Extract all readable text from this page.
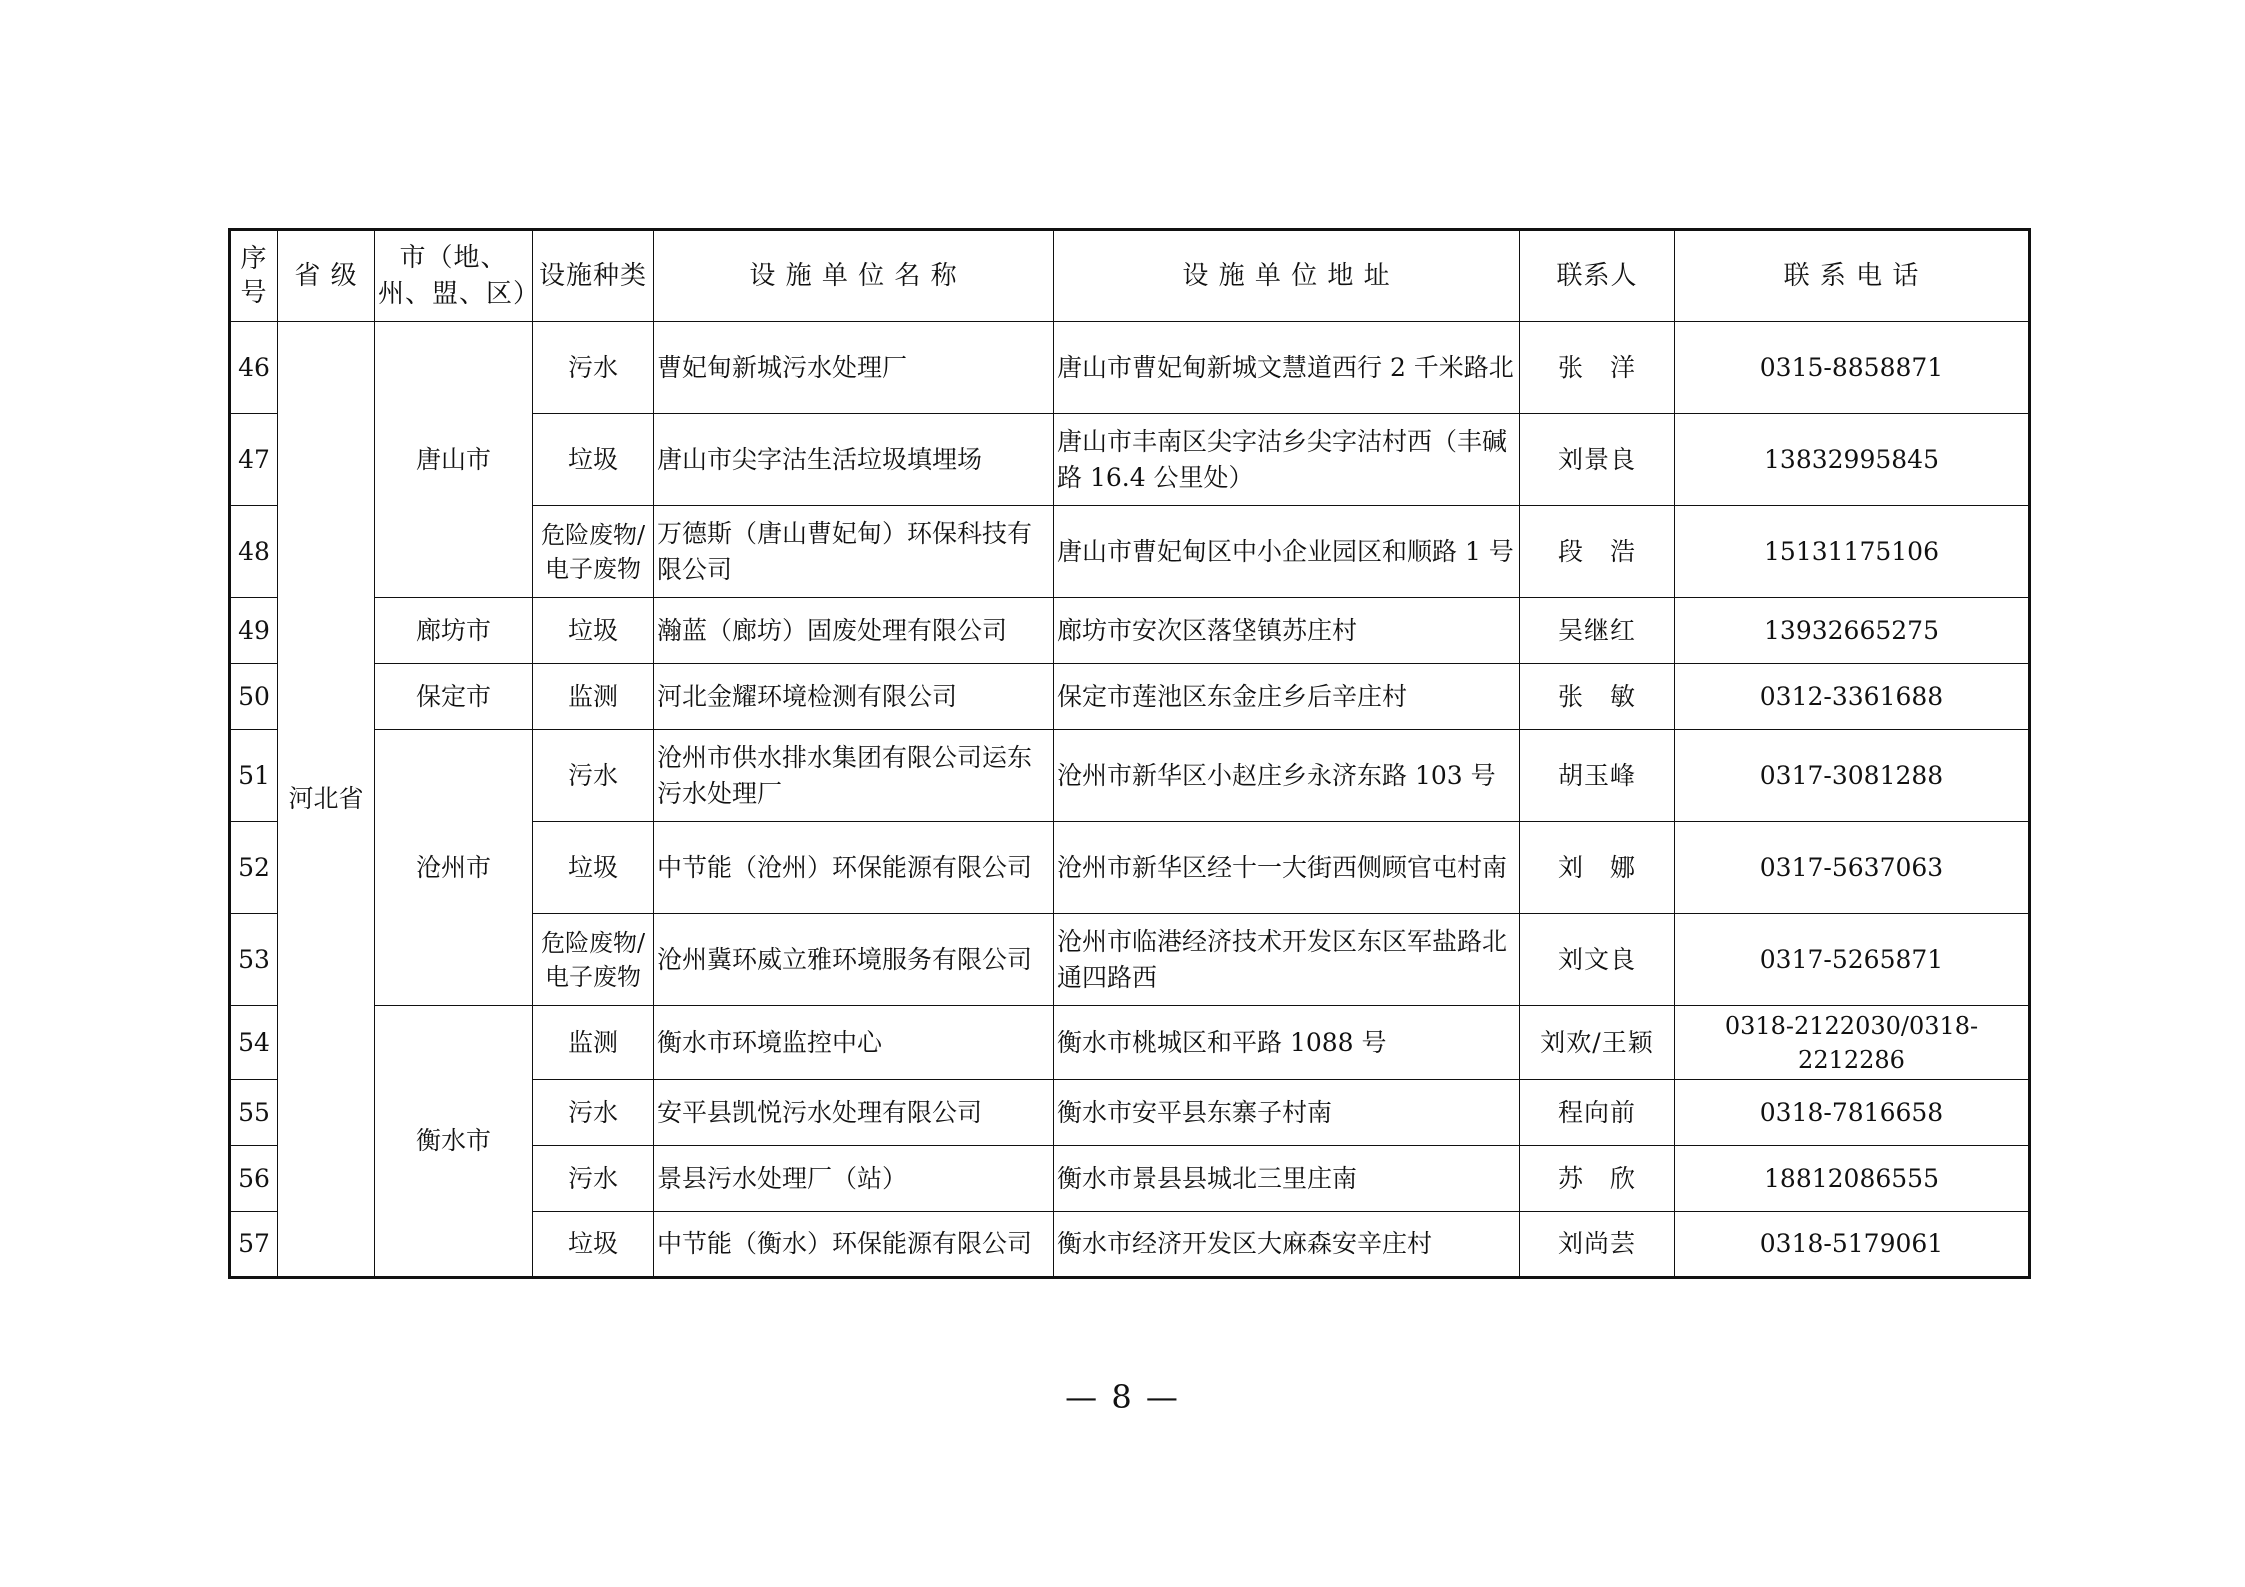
序号	省 级	市（地、州、盟、区）	设施种类	设 施 单 位 名 称	设 施 单 位 地 址	联系人	联 系 电 话
46	河北省	唐山市	污水	曹妃甸新城污水处理厂	唐山市曹妃甸新城文慧道西行 2 千米路北	张　洋	0315-8858871
47			垃圾	唐山市尖字沽生活垃圾填埋场	唐山市丰南区尖字沽乡尖字沽村西（丰碱路 16.4 公里处）	刘景良	13832995845
48			危险废物/电子废物	万德斯（唐山曹妃甸）环保科技有限公司	唐山市曹妃甸区中小企业园区和顺路 1 号	段　浩	15131175106
49		廊坊市	垃圾	瀚蓝（廊坊）固废处理有限公司	廊坊市安次区落垡镇苏庄村	吴继红	13932665275
50		保定市	监测	河北金耀环境检测有限公司	保定市莲池区东金庄乡后辛庄村	张　敏	0312-3361688
51		沧州市	污水	沧州市供水排水集团有限公司运东污水处理厂	沧州市新华区小赵庄乡永济东路 103 号	胡玉峰	0317-3081288
52			垃圾	中节能（沧州）环保能源有限公司	沧州市新华区经十一大街西侧顾官屯村南	刘　娜	0317-5637063
53			危险废物/电子废物	沧州冀环威立雅环境服务有限公司	沧州市临港经济技术开发区东区军盐路北通四路西	刘文良	0317-5265871
54		衡水市	监测	衡水市环境监控中心	衡水市桃城区和平路 1088 号	刘欢/王颖	0318-2122030/0318-2212286
55			污水	安平县凯悦污水处理有限公司	衡水市安平县东寨子村南	程向前	0318-7816658
56			污水	景县污水处理厂（站）	衡水市景县县城北三里庄南	苏　欣	18812086555
57			垃圾	中节能（衡水）环保能源有限公司	衡水市经济开发区大麻森安辛庄村	刘尚芸	0318-5179061
— 8 —
